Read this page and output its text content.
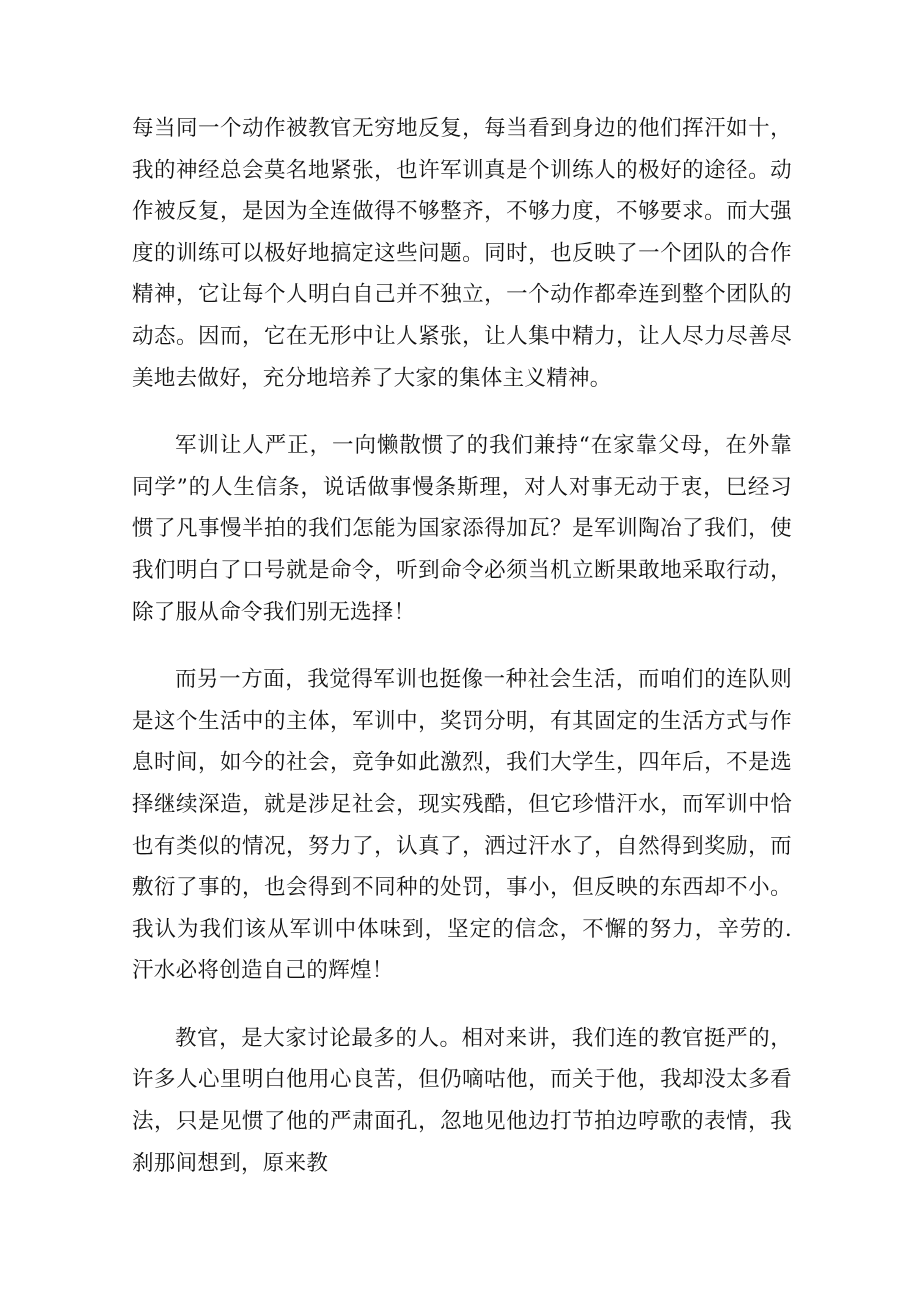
每当同一个动作被教官无穷地反复，每当看到身边的他们挥汗如十，我的神经总会莫名地紧张，也许军训真是个训练人的极好的途径。动作被反复，是因为全连做得不够整齐，不够力度，不够要求。而大强度的训练可以极好地搞定这些问题。同时，也反映了一个团队的合作精神，它让每个人明白自己并不独立，一个动作都牵连到整个团队的动态。因而，它在无形中让人紧张，让人集中精力，让人尽力尽善尽美地去做好，充分地培养了大家的集体主义精神。

军训让人严正，一向懒散惯了的我们兼持“在家靠父母，在外靠同学”的人生信条，说话做事慢条斯理，对人对事无动于衷，巳经习惯了凡事慢半拍的我们怎能为国家添得加瓦？是军训陶冶了我们，使我们明白了口号就是命令，听到命令必须当机立断果敢地采取行动，除了服从命令我们别无选择！

而另一方面，我觉得军训也挺像一种社会生活，而咱们的连队则是这个生活中的主体，军训中，奖罚分明，有其固定的生活方式与作息时间，如今的社会，竞争如此激烈，我们大学生，四年后，不是选择继续深造，就是涉足社会，现实残酷，但它珍惜汗水，而军训中恰也有类似的情况，努力了，认真了，洒过汗水了，自然得到奖励，而敷衍了事的，也会得到不同种的处罚，事小，但反映的东西却不小。我认为我们该从军训中体味到，坚定的信念，不懈的努力，辛劳的.汗水必将创造自己的辉煌！

教官，是大家讨论最多的人。相对来讲，我们连的教官挺严的，许多人心里明白他用心良苦，但仍嘀咕他，而关于他，我却没太多看法，只是见惯了他的严肃面孔，忽地见他边打节拍边哼歌的表情，我刹那间想到，原来教
